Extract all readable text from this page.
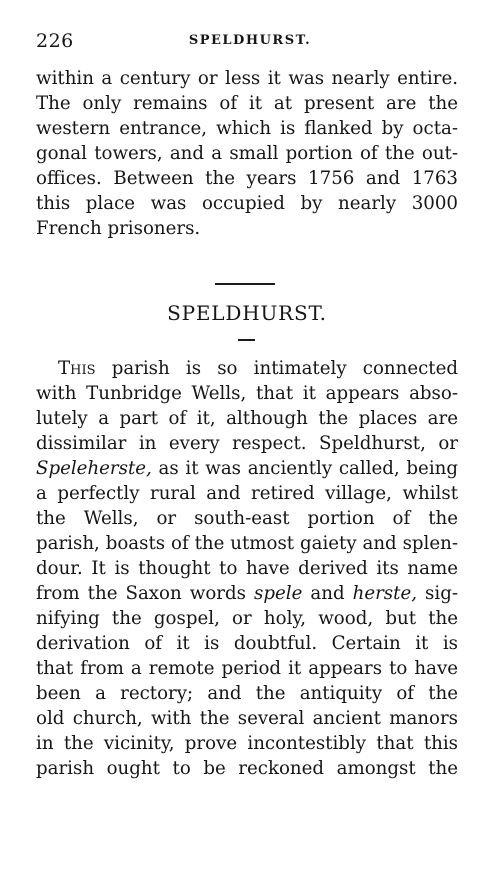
226	SPELDHURST.
within a century or less it was nearly entire.
The only remains of it at present are the
western entrance, which is flanked by octa-
gonal towers, and a small portion of the out-
offices. Between the years 1756 and 1763
this place was occupied by nearly 3000
French prisoners.
SPELDHURST.
This parish is so intimately connected
with Tunbridge Wells, that it appears abso-
lutely a part of it, although the places are
dissimilar in every respect. Speldhurst, or
Speleherste, as it was anciently called, being
a perfectly rural and retired village, whilst
the Wells, or south-east portion of the
parish, boasts of the utmost gaiety and splen-
dour. It is thought to have derived its name
from the Saxon words spele and herste, sig-
nifying the gospel, or holy, wood, but the
derivation of it is doubtful. Certain it is
that from a remote period it appears to have
been a rectory; and the antiquity of the
old church, with the several ancient manors
in the vicinity, prove incontestibly that this
parish ought to be reckoned amongst the
